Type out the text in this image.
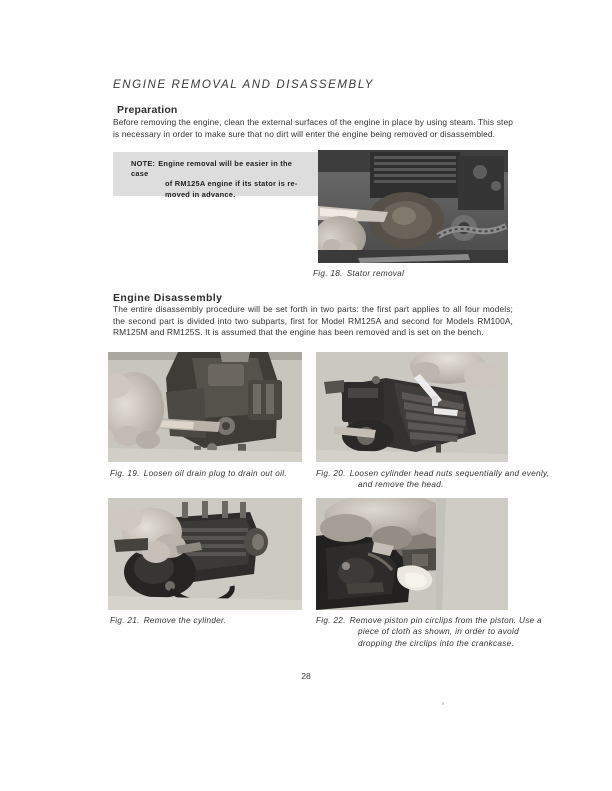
ENGINE REMOVAL AND DISASSEMBLY
Preparation
Before removing the engine, clean the external surfaces of the engine in place by using steam. This step is necessary in order to make sure that no dirt will enter the engine being removed or disassembled.
NOTE: Engine removal will be easier in the case
of RM125A engine if its stator is re-
moved in advance.
Fig. 18. Stator removal
Engine Disassembly
The entire disassembly procedure will be set forth in two parts: the first part applies to all four models; the second part is divided into two subparts, first for Model RM125A and second for Models RM100A, RM125M and RM125S. It is assumed that the engine has been removed and is set on the bench.
Fig. 19. Loosen oil drain plug to drain out oil.	Fig. 20. Loosen cylinder head nuts sequentially and evenly, and remove the head.
Fig. 21. Remove the cylinder.	Fig. 22. Remove piston pin circlips from the piston. Use a piece of cloth as shown, in order to avoid dropping the circlips into the crankcase.
28
